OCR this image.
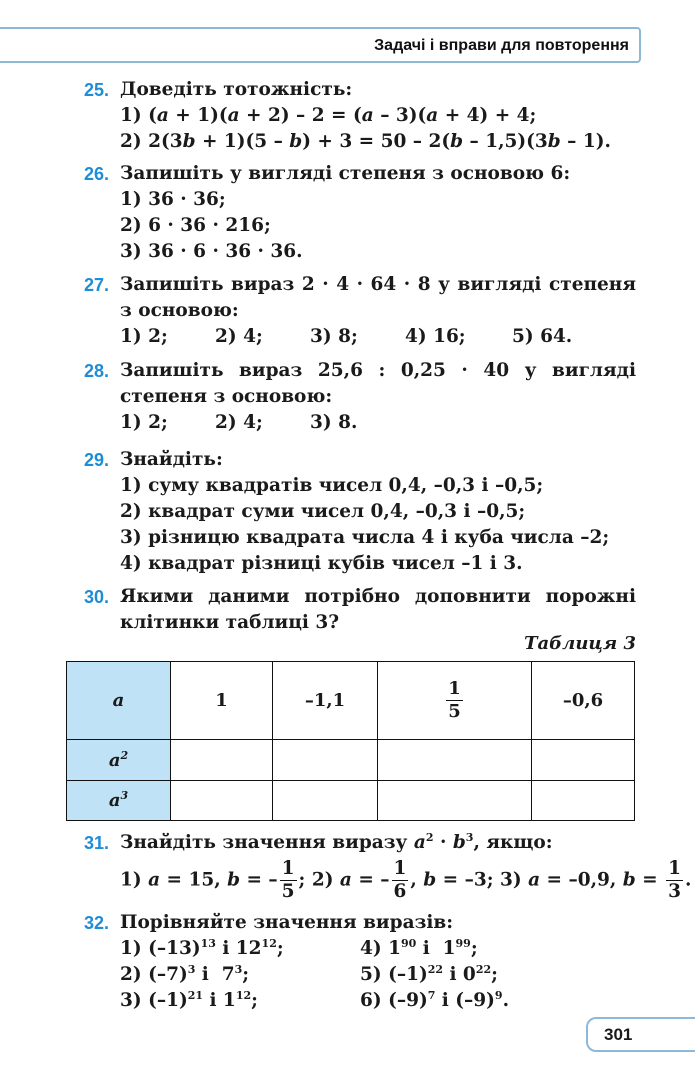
Задачі і вправи для повторення
25. Доведіть тотожність:
1) (a + 1)(a + 2) – 2 = (a – 3)(a + 4) + 4;
2) 2(3b + 1)(5 – b) + 3 = 50 – 2(b – 1,5)(3b – 1).
26. Запишіть у вигляді степеня з основою 6:
1) 36 · 36;
2) 6 · 36 · 216;
3) 36 · 6 · 36 · 36.
27. Запишіть вираз 2 · 4 · 64 · 8 у вигляді степеня з основою:
1) 2;	2) 4;	3) 8;	4) 16;	5) 64.
28. Запишіть вираз 25,6 : 0,25 · 40 у вигляді степеня з основою:
1) 2;	2) 4;	3) 8.
29. Знайдіть:
1) суму квадратів чисел 0,4, –0,3 і –0,5;
2) квадрат суми чисел 0,4, –0,3 і –0,5;
3) різницю квадрата числа 4 і куба числа –2;
4) квадрат різниці кубів чисел –1 і 3.
30. Якими даними потрібно доповнити порожні клітинки таблиці 3?
Таблиця 3
a	1	–1,1	$\frac{1}{5}$	–0,6
$a^2$				
$a^3$				
31. Знайдіть значення виразу $a^2 \cdot b^3$, якщо:
1) a = 15, b = – $\frac{1}{5}$ ; 2) a = – $\frac{1}{6}$ , b = –3; 3) a = –0,9, $b = \frac{1}{3}$ .
32. Порівняйте значення виразів:
1) $(-13)^{13}$ і $12^{12}$;	4) $1^{90}$ і  $1^{99}$;
2) $(-7)^3$ і  $7^3$;	5) $(-1)^{22}$ і $0^{22}$;
3) $(-1)^{21}$ і $1^{12}$;	6) $(-9)^7$ і $(-9)^9$.
301
